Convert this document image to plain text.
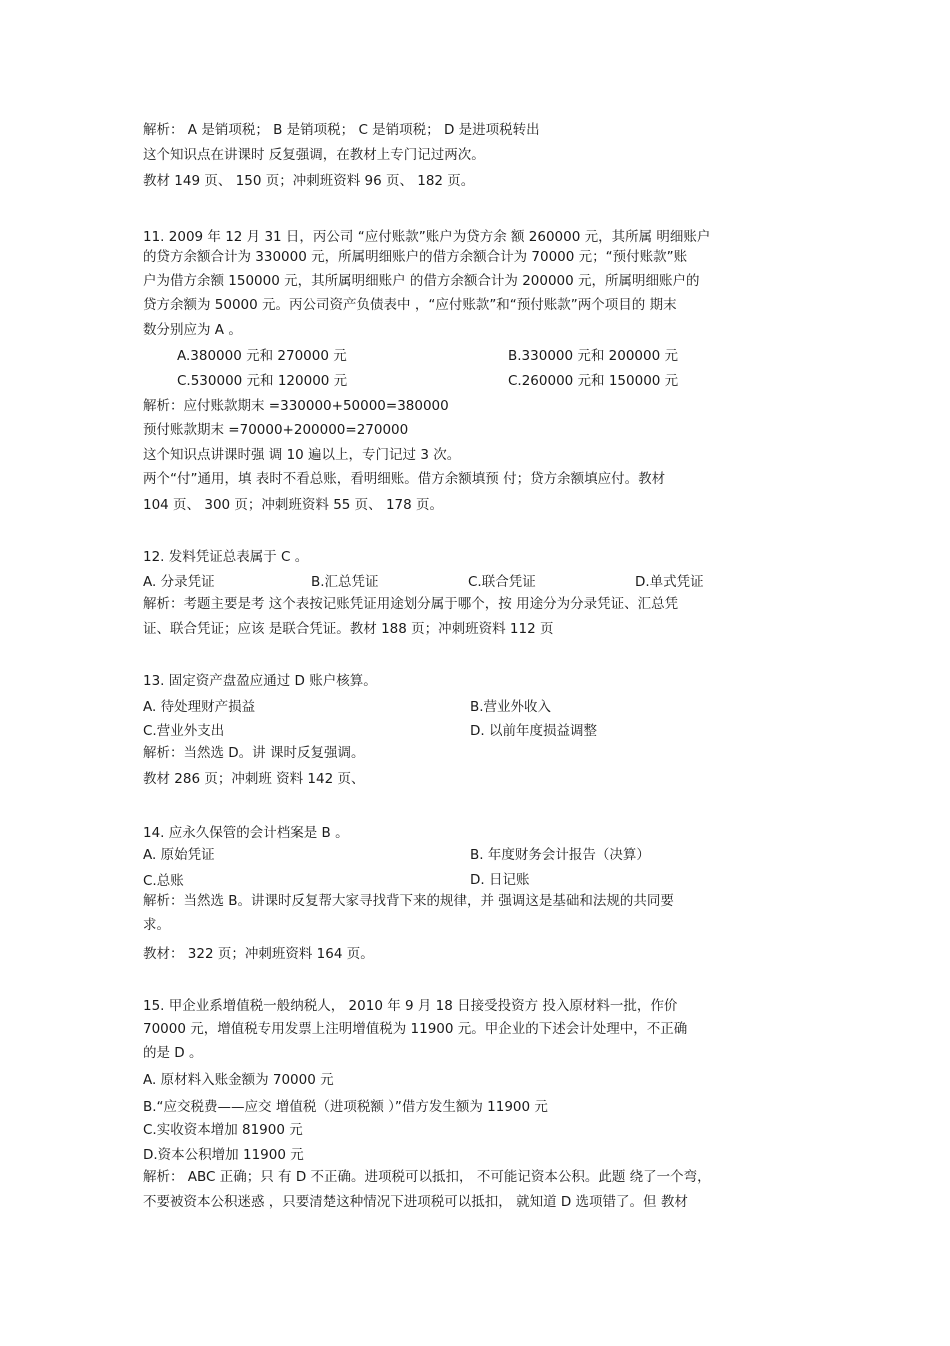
解析： A 是销项税； B 是销项税； C 是销项税； D 是进项税转出
这个知识点在讲课时 反复强调，在教材上专门记过两次。
教材 149 页、 150 页；冲刺班资料 96 页、 182 页。
11. 2009 年 12 月 31 日，丙公司 “应付账款”账户为贷方余 额 260000 元，其所属 明细账户
的贷方余额合计为 330000 元，所属明细账户的借方余额合计为 70000 元；“预付账款”账
户为借方余额 150000 元，其所属明细账户 的借方余额合计为 200000 元，所属明细账户的
贷方余额为 50000 元。丙公司资产负债表中 ，“应付账款”和“预付账款”两个项目的 期末
数分别应为 A 。
A.380000 元和 270000 元	B.330000 元和 200000 元
C.530000 元和 120000 元	C.260000 元和 150000 元
解析：应付账款期末 =330000+50000=380000
预付账款期末 =70000+200000=270000
这个知识点讲课时强 调 10 遍以上，专门记过 3 次。
两个“付”通用，填 表时不看总账，看明细账。借方余额填预 付；贷方余额填应付。教材
104 页、 300 页；冲刺班资料 55 页、 178 页。
12. 发料凭证总表属于 C 。
A. 分录凭证	B.汇总凭证	C.联合凭证	D.单式凭证
解析：考题主要是考 这个表按记账凭证用途划分属于哪个，按 用途分为分录凭证、汇总凭
证、联合凭证；应该 是联合凭证。教材 188 页；冲刺班资料 112 页
13. 固定资产盘盈应通过 D 账户核算。
A. 待处理财产损益	B.营业外收入
C.营业外支出	D. 以前年度损益调整
解析：当然选 D。讲 课时反复强调。
教材 286 页；冲刺班 资料 142 页、
14. 应永久保管的会计档案是 B 。
A. 原始凭证	B. 年度财务会计报告（决算）
C.总账	D. 日记账
解析：当然选 B。讲课时反复帮大家寻找背下来的规律，并 强调这是基础和法规的共同要
求。
教材： 322 页；冲刺班资料 164 页。
15. 甲企业系增值税一般纳税人， 2010 年 9 月 18 日接受投资方 投入原材料一批，作价
70000 元，增值税专用发票上注明增值税为 11900 元。甲企业的下述会计处理中，不正确
的是 D 。
A. 原材料入账金额为 70000 元
B.“应交税费——应交 增值税（进项税额 ）”借方发生额为 11900 元
C.实收资本增加 81900 元
D.资本公积增加 11900 元
解析： ABC 正确；只 有 D 不正确。进项税可以抵扣， 不可能记资本公积。此题 绕了一个弯，
不要被资本公积迷惑 ，只要清楚这种情况下进项税可以抵扣， 就知道 D 选项错了。但 教材
